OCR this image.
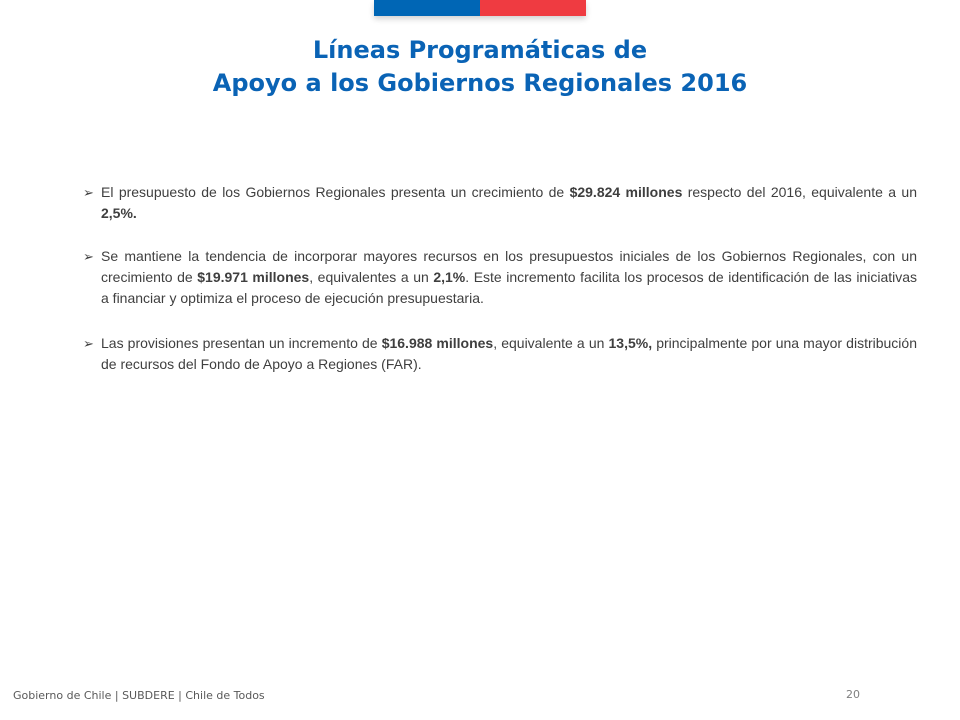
Líneas Programáticas de
Apoyo a los Gobiernos Regionales 2016
➢ El presupuesto de los Gobiernos Regionales presenta un crecimiento de $29.824 millones respecto del 2016, equivalente a un 2,5%.
➢ Se mantiene la tendencia de incorporar mayores recursos en los presupuestos iniciales de los Gobiernos Regionales, con un crecimiento de $19.971 millones, equivalentes a un 2,1%. Este incremento facilita los procesos de identificación de las iniciativas a financiar y optimiza el proceso de ejecución presupuestaria.
➢ Las provisiones presentan un incremento de $16.988 millones, equivalente a un 13,5%, principalmente por una mayor distribución de recursos del Fondo de Apoyo a Regiones (FAR).
Gobierno de Chile | SUBDERE | Chile de Todos	20
